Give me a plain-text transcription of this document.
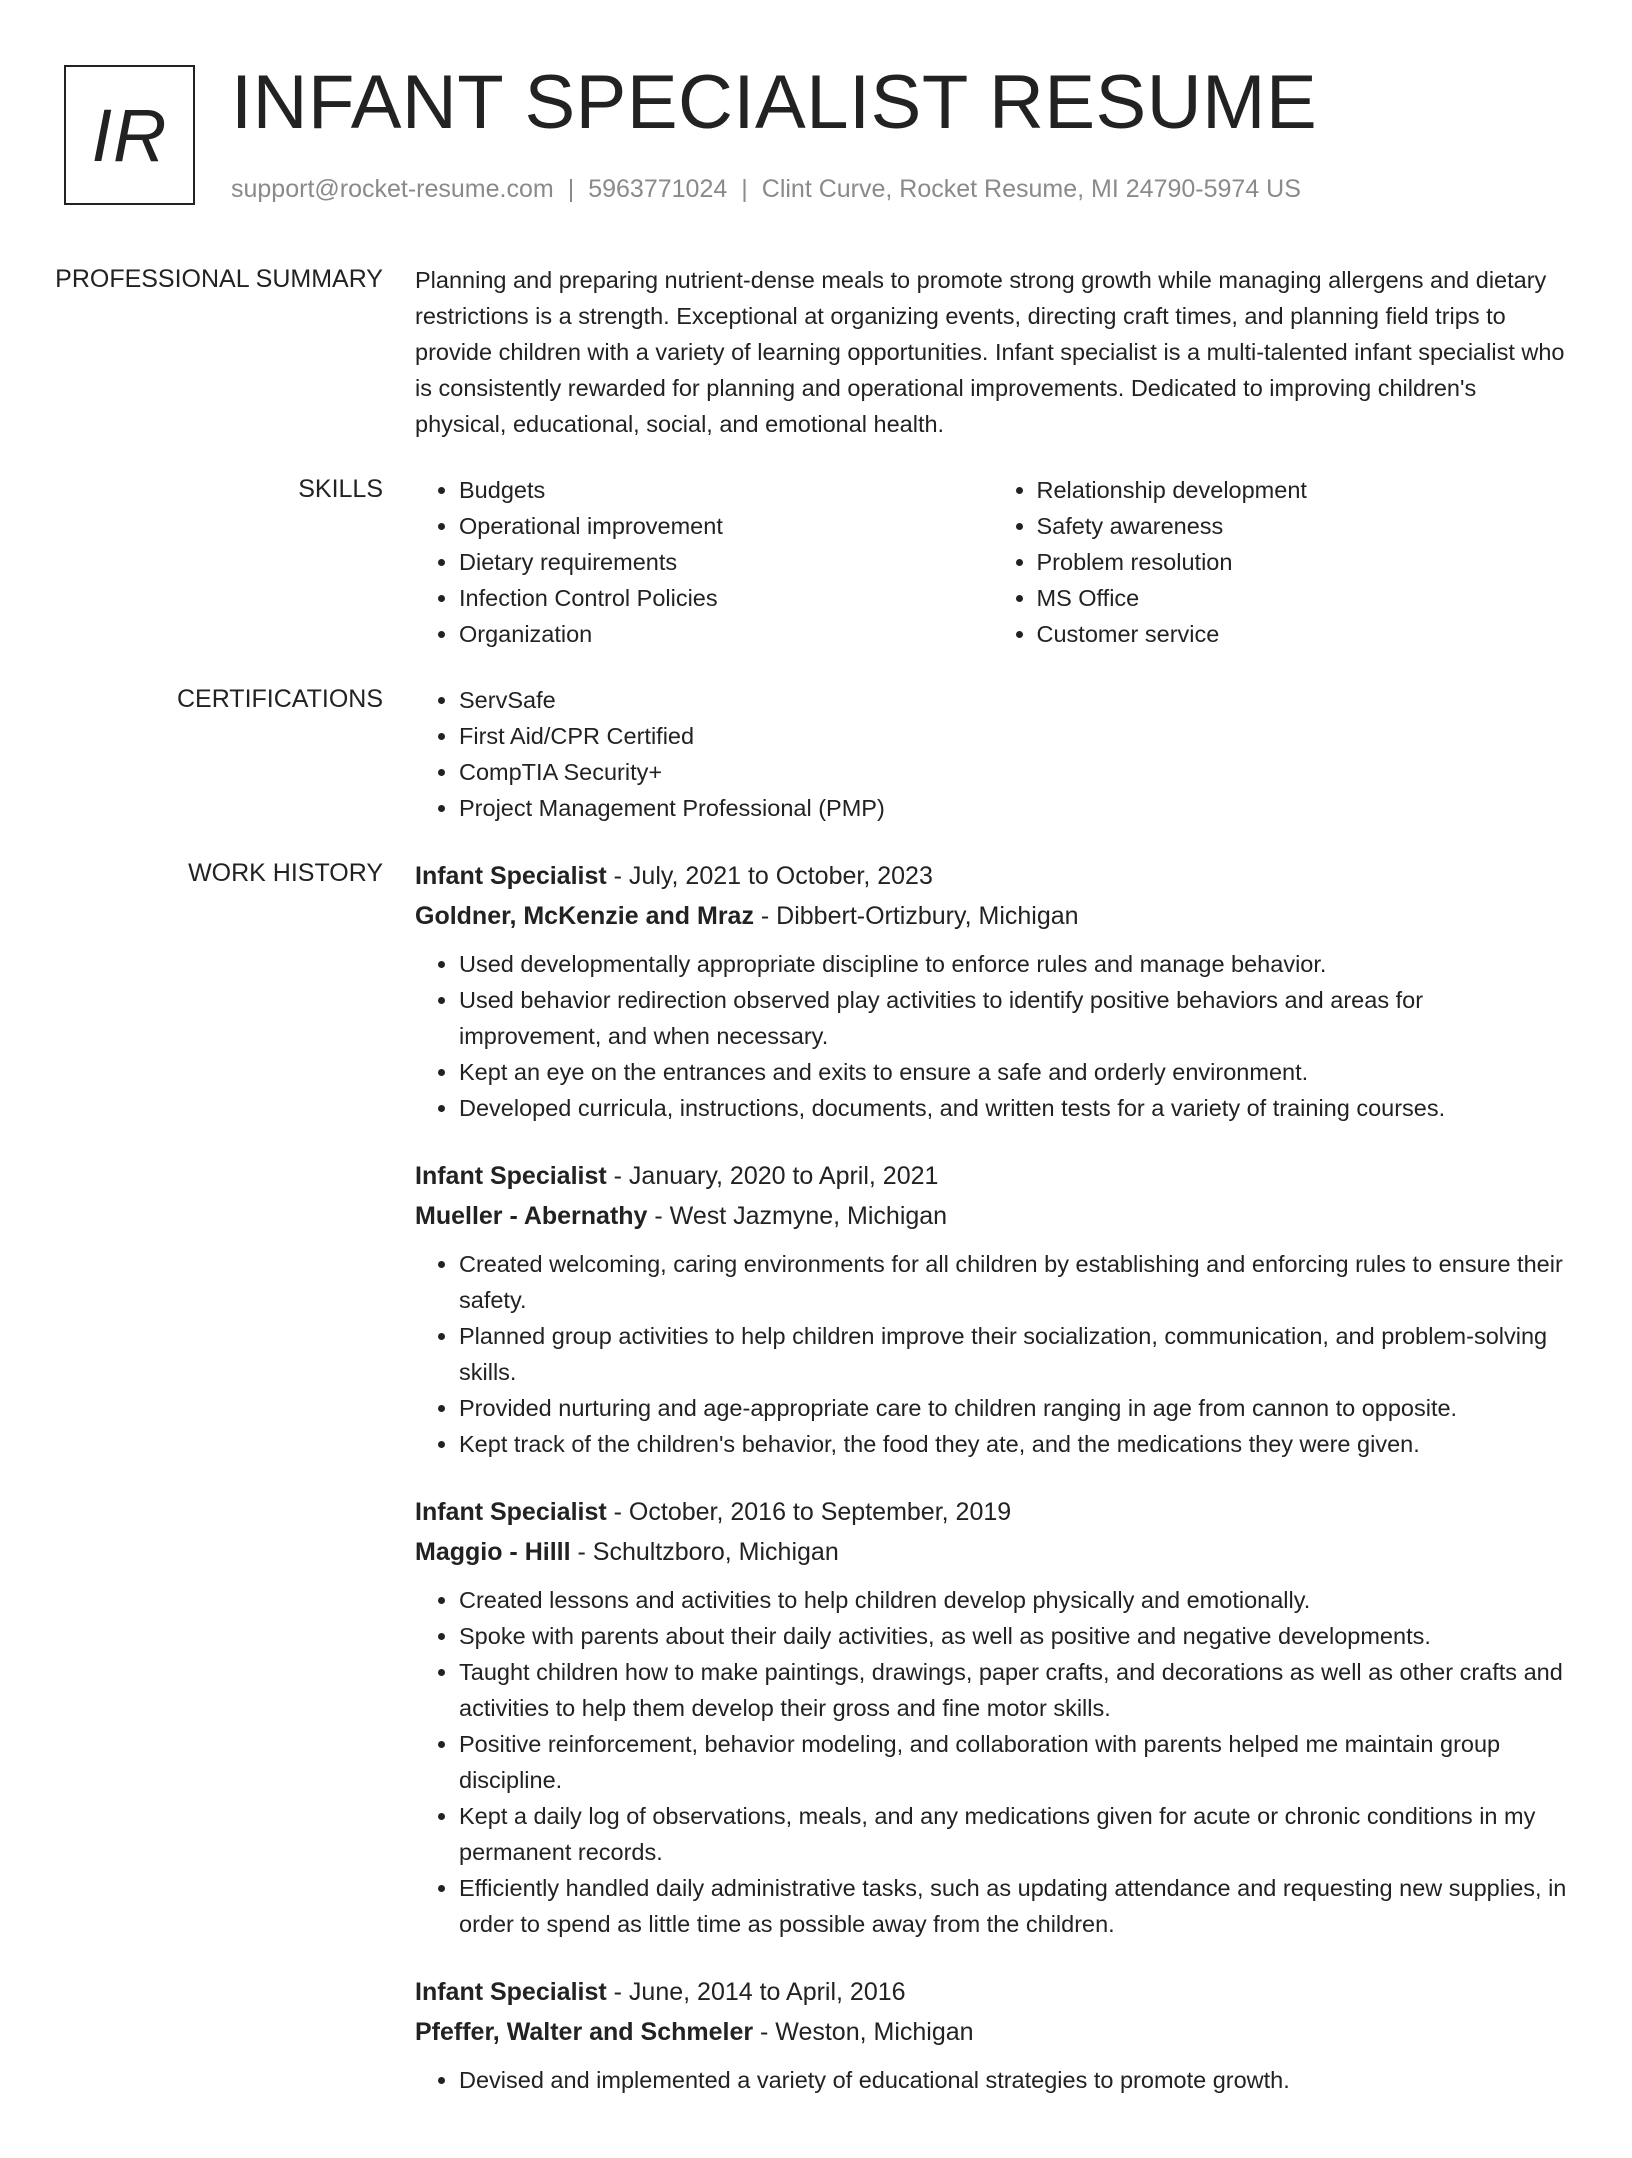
IR INFANT SPECIALIST RESUME
support@rocket-resume.com | 5963771024 | Clint Curve, Rocket Resume, MI 24790-5974 US
PROFESSIONAL SUMMARY	Planning and preparing nutrient-dense meals to promote strong growth while managing allergens and dietary restrictions is a strength. Exceptional at organizing events, directing craft times, and planning field trips to provide children with a variety of learning opportunities. Infant specialist is a multi-talented infant specialist who is consistently rewarded for planning and operational improvements. Dedicated to improving children's physical, educational, social, and emotional health.

SKILLS	• Budgets
• Operational improvement
• Dietary requirements
• Infection Control Policies
• Organization
• Relationship development
• Safety awareness
• Problem resolution
• MS Office
• Customer service
CERTIFICATIONS	• ServSafe
• First Aid/CPR Certified
• CompTIA Security+
• Project Management Professional (PMP)
WORK HISTORY	Infant Specialist - July, 2021 to October, 2023
Goldner, McKenzie and Mraz - Dibbert-Ortizbury, Michigan
• Used developmentally appropriate discipline to enforce rules and manage behavior.
• Used behavior redirection observed play activities to identify positive behaviors and areas for improvement, and when necessary.
• Kept an eye on the entrances and exits to ensure a safe and orderly environment.
• Developed curricula, instructions, documents, and written tests for a variety of training courses.
Infant Specialist - January, 2020 to April, 2021
Mueller - Abernathy - West Jazmyne, Michigan
• Created welcoming, caring environments for all children by establishing and enforcing rules to ensure their safety.
• Planned group activities to help children improve their socialization, communication, and problem-solving skills.
• Provided nurturing and age-appropriate care to children ranging in age from cannon to opposite.
• Kept track of the children's behavior, the food they ate, and the medications they were given.
Infant Specialist - October, 2016 to September, 2019
Maggio - Hilll - Schultzboro, Michigan
• Created lessons and activities to help children develop physically and emotionally.
• Spoke with parents about their daily activities, as well as positive and negative developments.
• Taught children how to make paintings, drawings, paper crafts, and decorations as well as other crafts and activities to help them develop their gross and fine motor skills.
• Positive reinforcement, behavior modeling, and collaboration with parents helped me maintain group discipline.
• Kept a daily log of observations, meals, and any medications given for acute or chronic conditions in my permanent records.
• Efficiently handled daily administrative tasks, such as updating attendance and requesting new supplies, in order to spend as little time as possible away from the children.
Infant Specialist - June, 2014 to April, 2016
Pfeffer, Walter and Schmeler - Weston, Michigan
• Devised and implemented a variety of educational strategies to promote growth.
